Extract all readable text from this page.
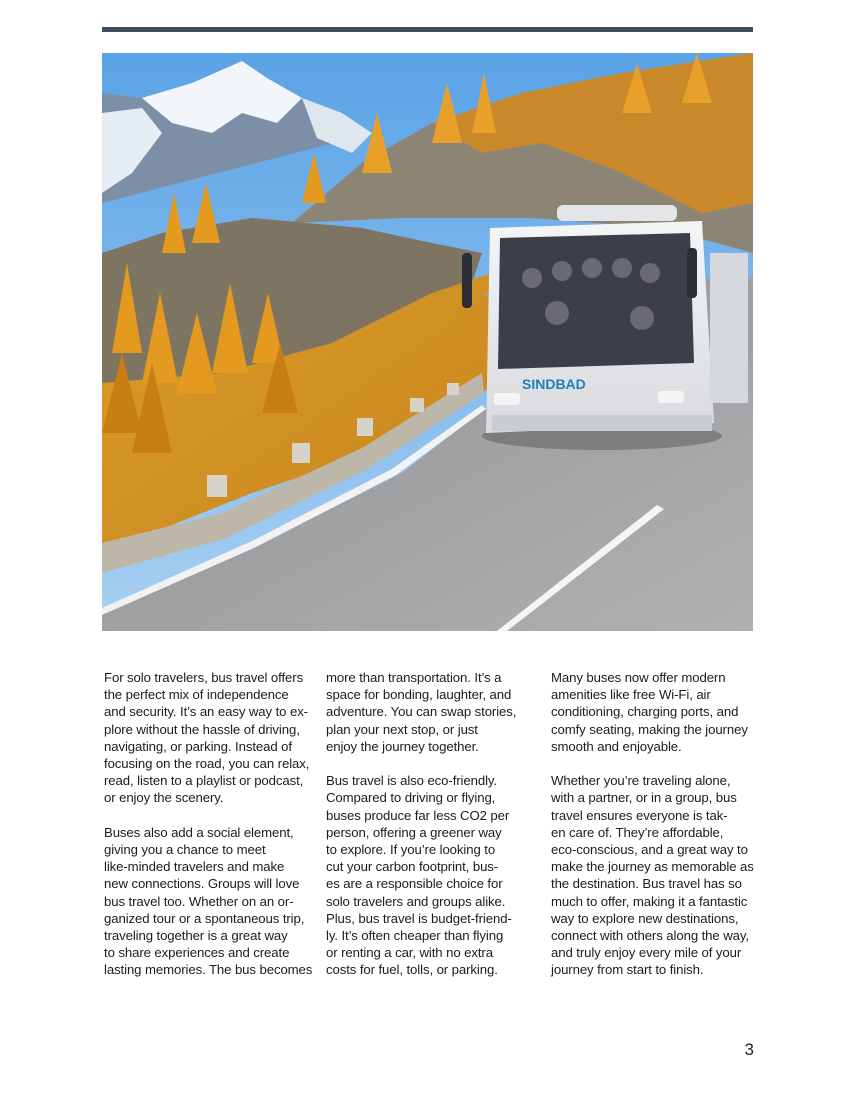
SINDBAD
For solo travelers, bus travel offers
the perfect mix of independence
and security. It’s an easy way to ex-
plore without the hassle of driving,
navigating, or parking. Instead of
focusing on the road, you can relax,
read, listen to a playlist or podcast,
or enjoy the scenery.
Buses also add a social element,
giving you a chance to meet
like-minded travelers and make
new connections. Groups will love
bus travel too. Whether on an or-
ganized tour or a spontaneous trip,
traveling together is a great way
to share experiences and create
lasting memories. The bus becomes
more than transportation. It’s a
space for bonding, laughter, and
adventure. You can swap stories,
plan your next stop, or just
enjoy the journey together.
Bus travel is also eco-friendly.
Compared to driving or flying,
buses produce far less CO2 per
person, offering a greener way
to explore. If you’re looking to
cut your carbon footprint, bus-
es are a responsible choice for
solo travelers and groups alike.
Plus, bus travel is budget-friend-
ly. It’s often cheaper than flying
or renting a car, with no extra
costs for fuel, tolls, or parking.
Many buses now offer modern
amenities like free Wi-Fi, air
conditioning, charging ports, and
comfy seating, making the journey
smooth and enjoyable.
Whether you’re traveling alone,
with a partner, or in a group, bus
travel ensures everyone is tak-
en care of. They’re affordable,
eco-conscious, and a great way to
make the journey as memorable as
the destination. Bus travel has so
much to offer, making it a fantastic
way to explore new destinations,
connect with others along the way,
and truly enjoy every mile of your
journey from start to finish.
3
